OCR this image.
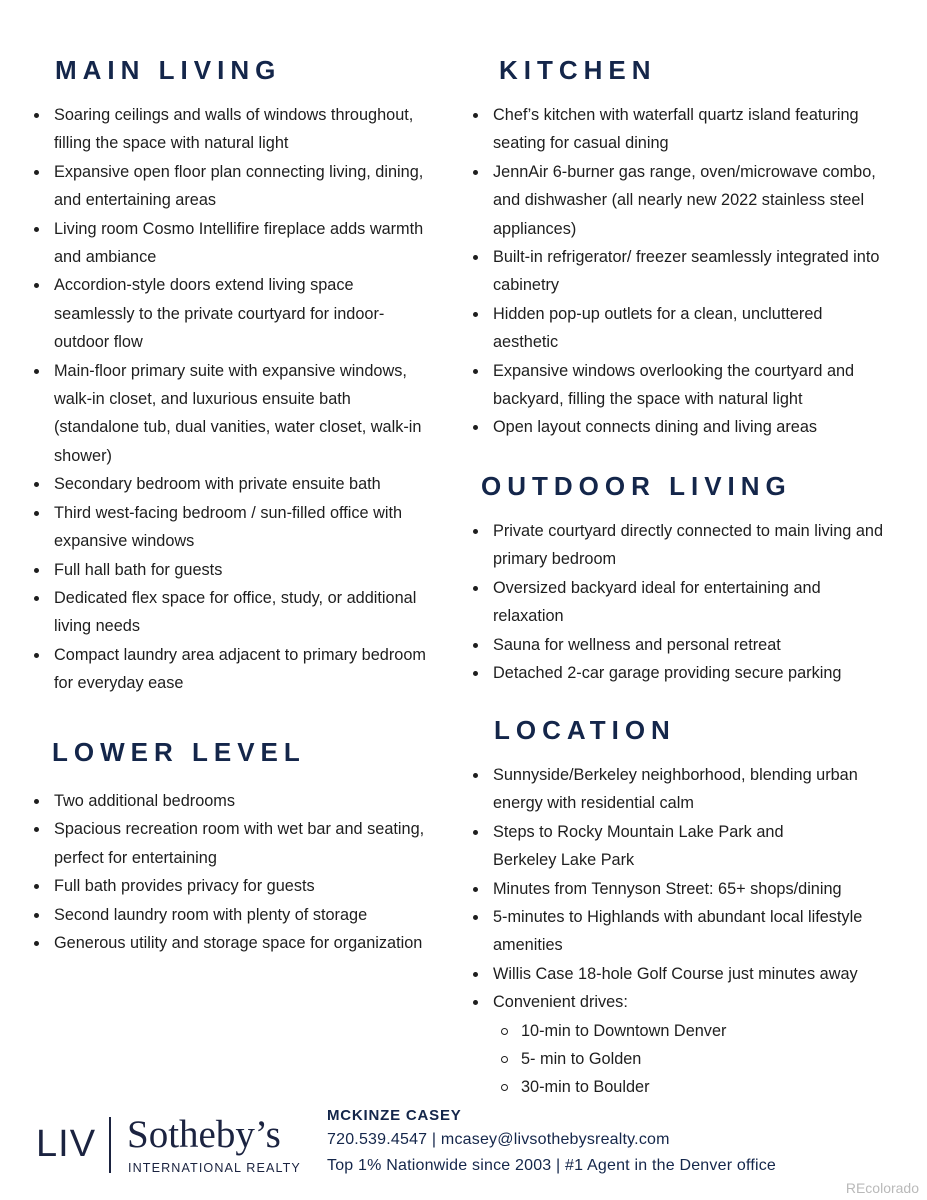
MAIN LIVING
Soaring ceilings and walls of windows throughout, filling the space with natural light
Expansive open floor plan connecting living, dining, and entertaining areas
Living room Cosmo Intellifire fireplace adds warmth and ambiance
Accordion-style doors extend living space seamlessly to the private courtyard for indoor-outdoor flow
Main-floor primary suite with expansive windows, walk-in closet, and luxurious ensuite bath (standalone tub, dual vanities, water closet, walk-in shower)
Secondary bedroom with private ensuite bath
Third west-facing bedroom / sun-filled office with expansive windows
Full hall bath for guests
Dedicated flex space for office, study, or additional living needs
Compact laundry area adjacent to primary bedroom for everyday ease
LOWER LEVEL
Two additional bedrooms
Spacious recreation room with wet bar and seating, perfect for entertaining
Full bath provides privacy for guests
Second laundry room with plenty of storage
Generous utility and storage space for organization
KITCHEN
Chef’s kitchen with waterfall quartz island featuring seating for casual dining
JennAir 6-burner gas range, oven/microwave combo, and dishwasher (all nearly new 2022 stainless steel appliances)
Built-in refrigerator/ freezer seamlessly integrated into cabinetry
Hidden pop-up outlets for a clean, uncluttered aesthetic
Expansive windows overlooking the courtyard and backyard, filling the space with natural light
Open layout connects dining and living areas
OUTDOOR LIVING
Private courtyard directly connected to main living and primary bedroom
Oversized backyard ideal for entertaining and relaxation
Sauna for wellness and personal retreat
Detached 2-car garage providing secure parking
LOCATION
Sunnyside/Berkeley neighborhood, blending urban energy with residential calm
Steps to Rocky Mountain Lake Park and Berkeley Lake Park
Minutes from Tennyson Street: 65+ shops/dining
5-minutes to Highlands with abundant local lifestyle amenities
Willis Case 18-hole Golf Course just minutes away
Convenient drives:
10-min to Downtown Denver
5- min to Golden
30-min to Boulder
LIV Sotheby’s
INTERNATIONAL REALTY
MCKINZE CASEY
720.539.4547 | mcasey@livsothebysrealty.com
Top 1% Nationwide since 2003 | #1 Agent in the Denver office
REcolorado
